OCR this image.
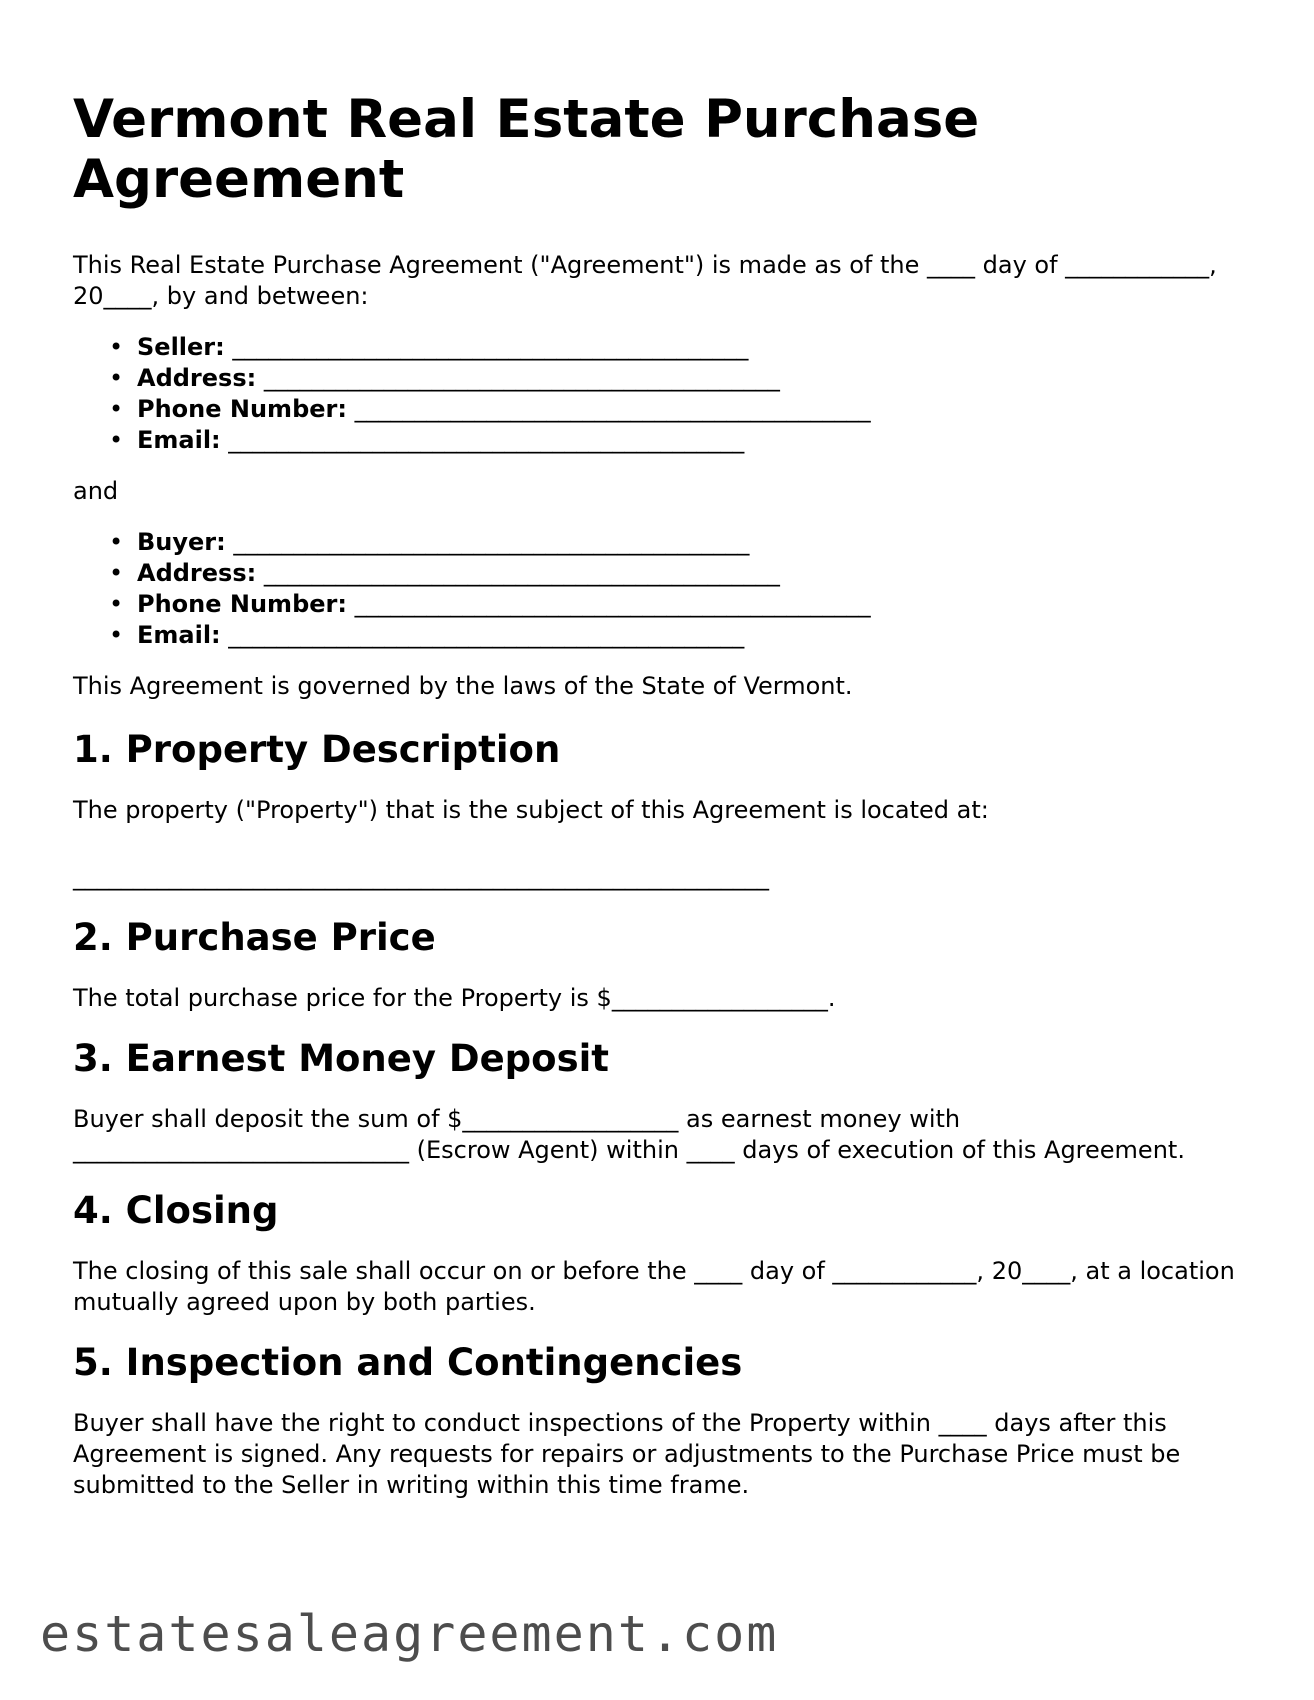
Vermont Real Estate Purchase Agreement

This Real Estate Purchase Agreement ("Agreement") is made as of the ____ day of ____________, 20____, by and between:

• Seller: ___________________________________________
• Address: ___________________________________________
• Phone Number: ___________________________________________
• Email: ___________________________________________

and

• Buyer: ___________________________________________
• Address: ___________________________________________
• Phone Number: ___________________________________________
• Email: ___________________________________________

This Agreement is governed by the laws of the State of Vermont.

1. Property Description

The property ("Property") that is the subject of this Agreement is located at:

__________________________________________________________

2. Purchase Price

The total purchase price for the Property is $__________________.

3. Earnest Money Deposit

Buyer shall deposit the sum of $__________________ as earnest money with ____________________________ (Escrow Agent) within ____ days of execution of this Agreement.

4. Closing

The closing of this sale shall occur on or before the ____ day of ____________, 20____, at a location mutually agreed upon by both parties.

5. Inspection and Contingencies

Buyer shall have the right to conduct inspections of the Property within ____ days after this Agreement is signed. Any requests for repairs or adjustments to the Purchase Price must be submitted to the Seller in writing within this time frame.

estatesaleagreement.com
